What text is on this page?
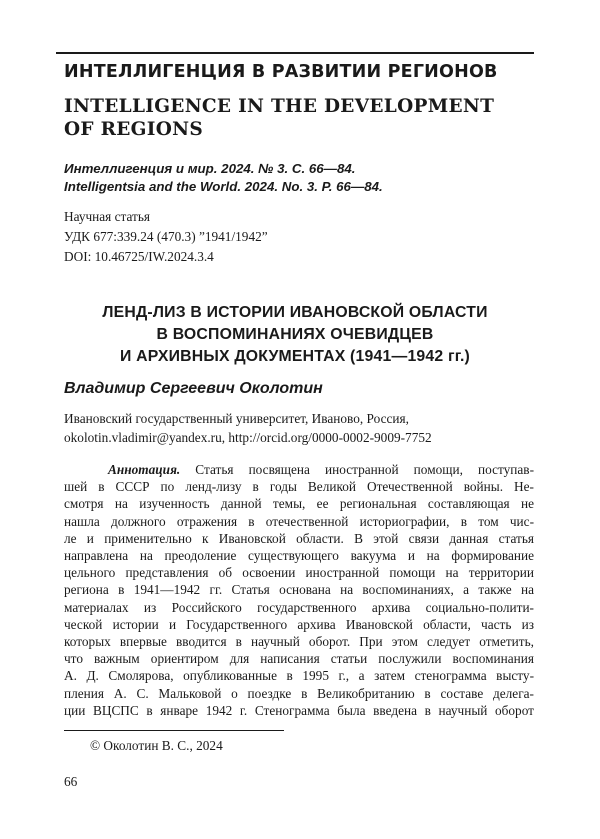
ИНТЕЛЛИГЕНЦИЯ В РАЗВИТИИ РЕГИОНОВ
INTELLIGENCE IN THE DEVELOPMENT
OF REGIONS
Интеллигенция и мир. 2024. № 3. С. 66—84.
Intelligentsia and the World. 2024. No. 3. P. 66—84.
Научная статья
УДК 677:339.24 (470.3) ”1941/1942”
DOI: 10.46725/IW.2024.3.4
ЛЕНД-ЛИЗ В ИСТОРИИ ИВАНОВСКОЙ ОБЛАСТИ
В ВОСПОМИНАНИЯХ ОЧЕВИДЦЕВ
И АРХИВНЫХ ДОКУМЕНТАХ (1941—1942 гг.)
Владимир Сергеевич Околотин
Ивановский государственный университет, Иваново, Россия,
okolotin.vladimir@yandex.ru, http://orcid.org/0000-0002-9009-7752
Аннотация. Статья посвящена иностранной помощи, поступав-
шей в СССР по ленд-лизу в годы Великой Отечественной войны. Не-
смотря на изученность данной темы, ее региональная составляющая не
нашла должного отражения в отечественной историографии, в том чис-
ле и применительно к Ивановской области. В этой связи данная статья
направлена на преодоление существующего вакуума и на формирование
цельного представления об освоении иностранной помощи на территории
региона в 1941—1942 гг. Статья основана на воспоминаниях, а также на
материалах из Российского государственного архива социально-полити-
ческой истории и Государственного архива Ивановской области, часть из
которых впервые вводится в научный оборот. При этом следует отметить,
что важным ориентиром для написания статьи послужили воспоминания
А. Д. Смолярова, опубликованные в 1995 г., а затем стенограмма высту-
пления А. С. Мальковой о поездке в Великобританию в составе делега-
ции ВЦСПС в январе 1942 г. Стенограмма была введена в научный оборот
© Околотин В. С., 2024
66
